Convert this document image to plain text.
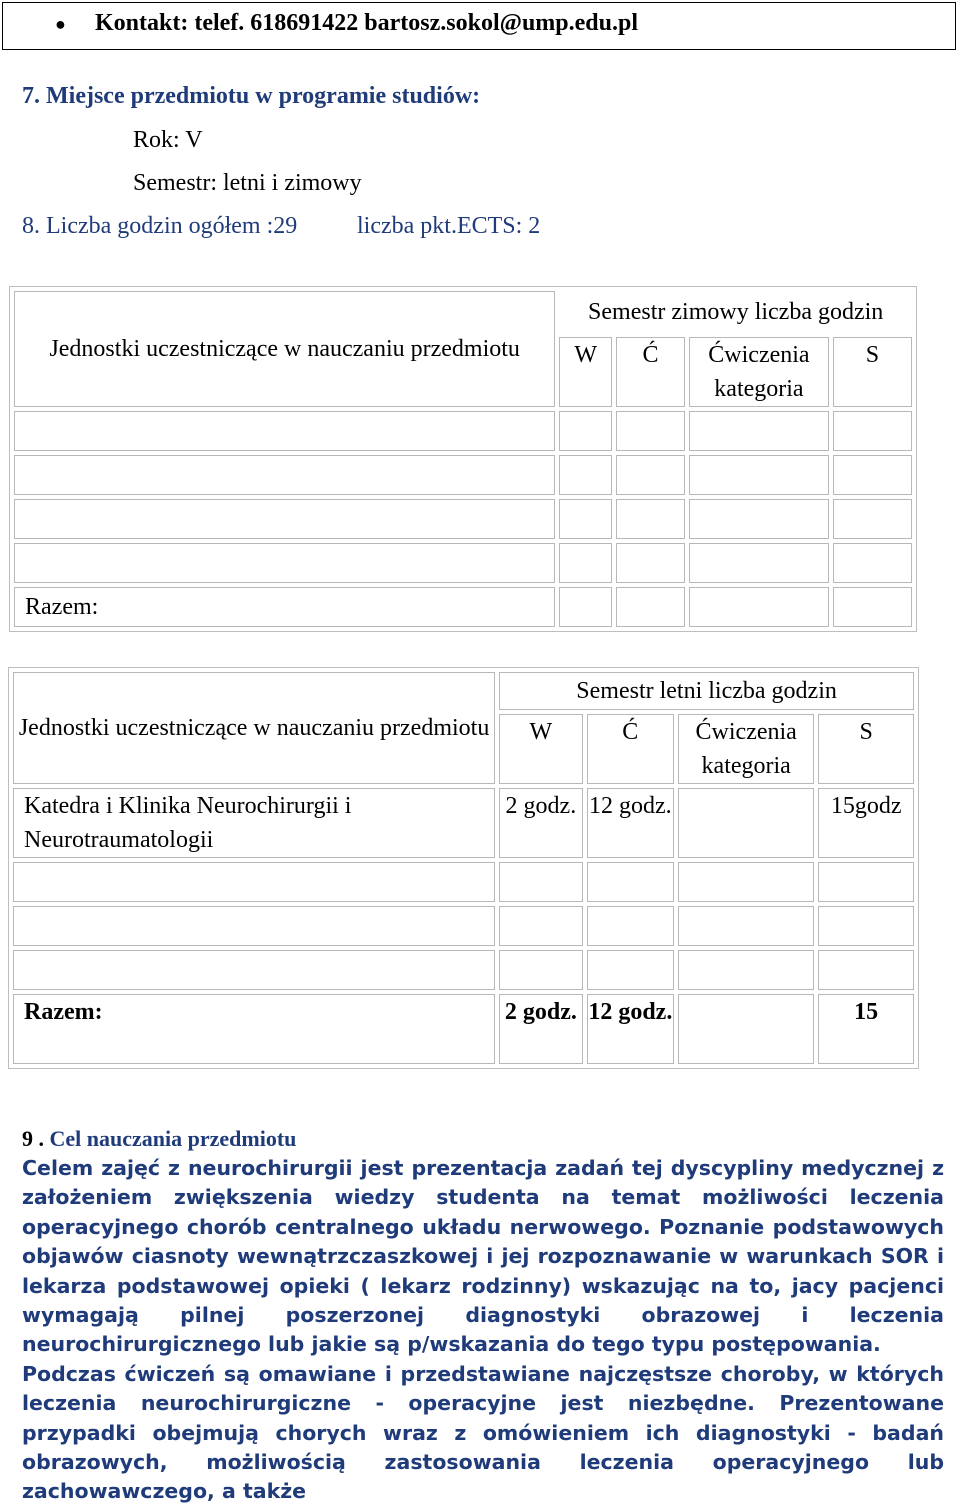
● Kontakt: telef. 618691422 bartosz.sokol@ump.edu.pl
7. Miejsce przedmiotu w programie studiów:
Rok: V
Semestr: letni i zimowy
8. Liczba godzin ogółem :29 liczba pkt.ECTS: 2
Jednostki uczestniczące w nauczaniu przedmiotu	Semestr zimowy liczba godzin			
	W	Ć	Ćwiczenia kategoria	S

Razem:				
Jednostki uczestniczące w nauczaniu przedmiotu	Semestr letni liczba godzin			
	W	Ć	Ćwiczenia kategoria	S
Katedra i Klinika Neurochirurgii i Neurotraumatologii	2 godz.	12 godz.		15godz

Razem:	2 godz.	12 godz.		15
9 . Cel nauczania przedmiotu
Celem zajęć z neurochirurgii jest prezentacja zadań tej dyscypliny medycznej z założeniem zwiększenia wiedzy studenta na temat możliwości leczenia operacyjnego chorób centralnego układu nerwowego. Poznanie podstawowych objawów ciasnoty wewnątrzczaszkowej i jej rozpoznawanie w warunkach SOR i lekarza podstawowej opieki ( lekarz rodzinny) wskazując na to, jacy pacjenci wymagają pilnej poszerzonej diagnostyki obrazowej i leczenia neurochirurgicznego lub jakie są p/wskazania do tego typu postępowania.
Podczas ćwiczeń są omawiane i przedstawiane najczęstsze choroby, w których leczenia neurochirurgiczne - operacyjne jest niezbędne. Prezentowane przypadki obejmują chorych wraz z omówieniem ich diagnostyki - badań obrazowych, możliwością zastosowania leczenia operacyjnego lub zachowawczego, a także
